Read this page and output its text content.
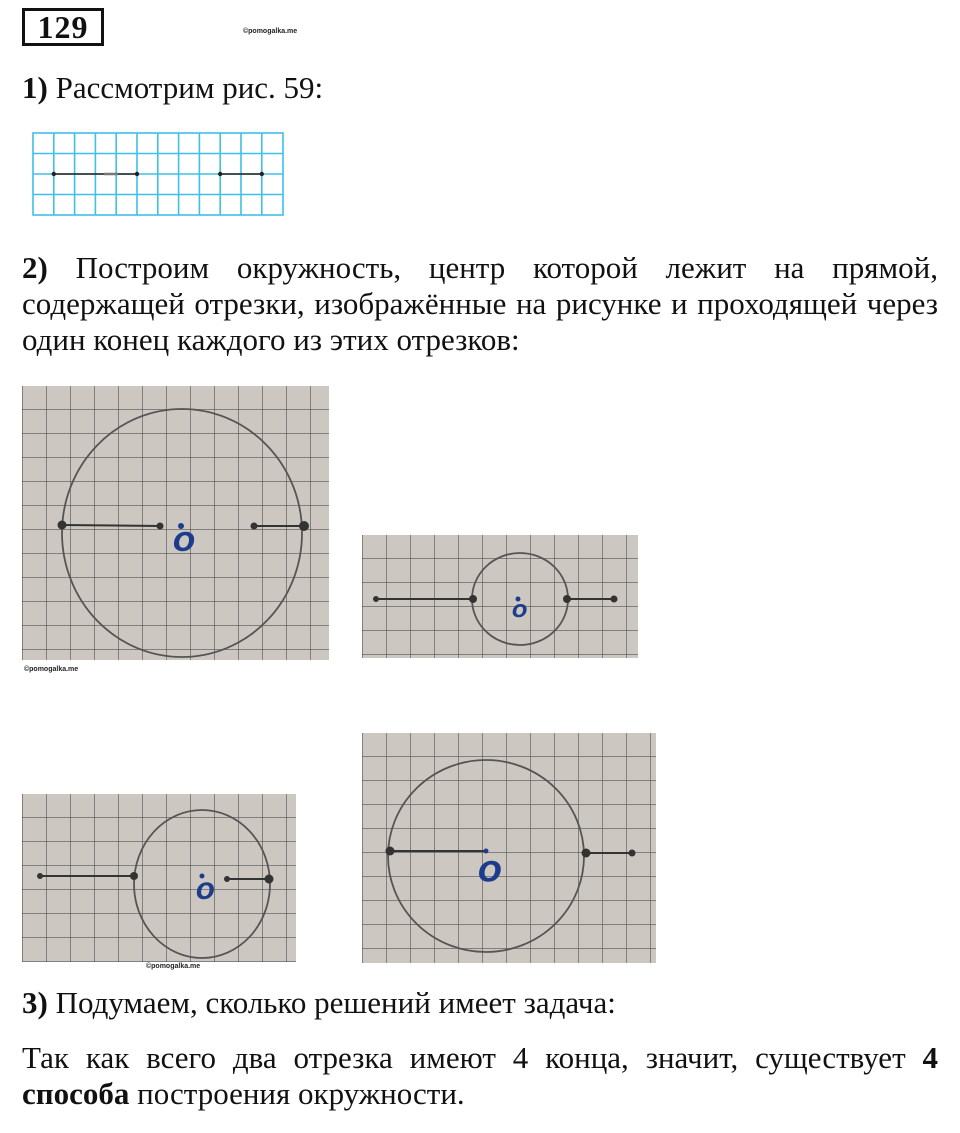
129	©pomogalka.me
1) Рассмотрим рис. 59:
2) Построим окружность, центр которой лежит на прямой, содержащей отрезки, изображённые на рисунке и проходящей через один конец каждого из этих отрезков:
O
©pomogalka.me
O
O
©pomogalka.me
O
3) Подумаем, сколько решений имеет задача:
Так как всего два отрезка имеют 4 конца, значит, существует 4 способа построения окружности.
